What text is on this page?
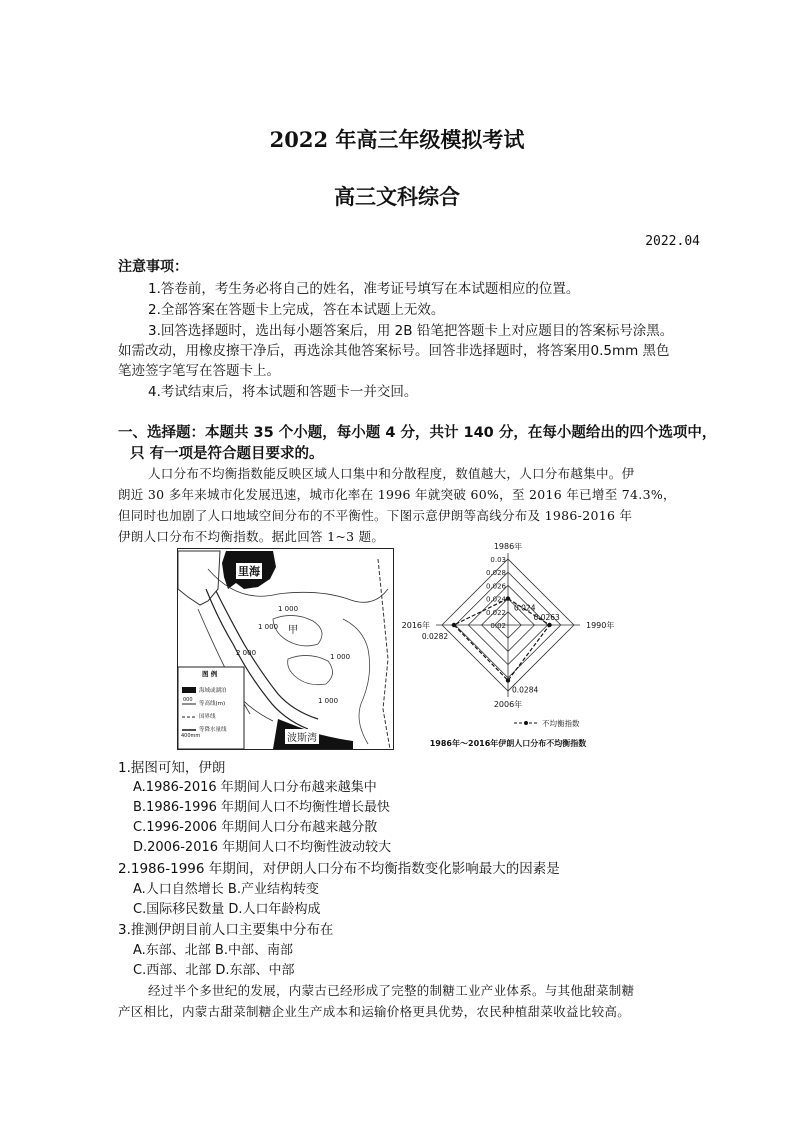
2022 年高三年级模拟考试
高三文科综合
2022.04
注意事项：
1.答卷前，考生务必将自己的姓名，准考证号填写在本试题相应的位置。
2.全部答案在答题卡上完成，答在本试题上无效。
3.回答选择题时，选出每小题答案后，用 2B 铅笔把答题卡上对应题目的答案标号涂黑。
如需改动，用橡皮擦干净后，再选涂其他答案标号。回答非选择题时，将答案用0.5mm 黑色
笔迹签字笔写在答题卡上。
4.考试结束后，将本试题和答题卡一并交回。
一、选择题：本题共 35 个小题，每小题 4 分，共计 140 分，在每小题给出的四个选项中，
只 有一项是符合题目要求的。
人口分布不均衡指数能反映区域人口集中和分散程度，数值越大，人口分布越集中。伊
朗近 30 多年来城市化发展迅速，城市化率在 1996 年就突破 60%，至 2016 年已增至 74.3%，
但同时也加剧了人口地域空间分布的不平衡性。下图示意伊朗等高线分布及 1986-2016 年
伊朗人口分布不均衡指数。据此回答 1~3 题。
里海
波斯湾
甲
1 000
1 000
1 000
2 000
1 000
图 例
海域或湖泊
000
等高线(m)
国界线
400mm
等降水量线
0.02
0.022
0.024
0.026
0.028
0.03
0.024
0.0263
0.0284
0.0282
1986年
1990年
2006年
2016年
不均衡指数
1986年～2016年伊朗人口分布不均衡指数
1.据图可知，伊朗
A.1986-2016 年期间人口分布越来越集中
B.1986-1996 年期间人口不均衡性增长最快
C.1996-2006 年期间人口分布越来越分散
D.2006-2016 年期间人口不均衡性波动较大
2.1986-1996 年期间，对伊朗人口分布不均衡指数变化影响最大的因素是
A.人口自然增长 B.产业结构转变
C.国际移民数量 D.人口年龄构成
3.推测伊朗目前人口主要集中分布在
A.东部、北部 B.中部、南部
C.西部、北部 D.东部、中部
经过半个多世纪的发展，内蒙古已经形成了完整的制糖工业产业体系。与其他甜菜制糖
产区相比，内蒙古甜菜制糖企业生产成本和运输价格更具优势，农民种植甜菜收益比较高。
